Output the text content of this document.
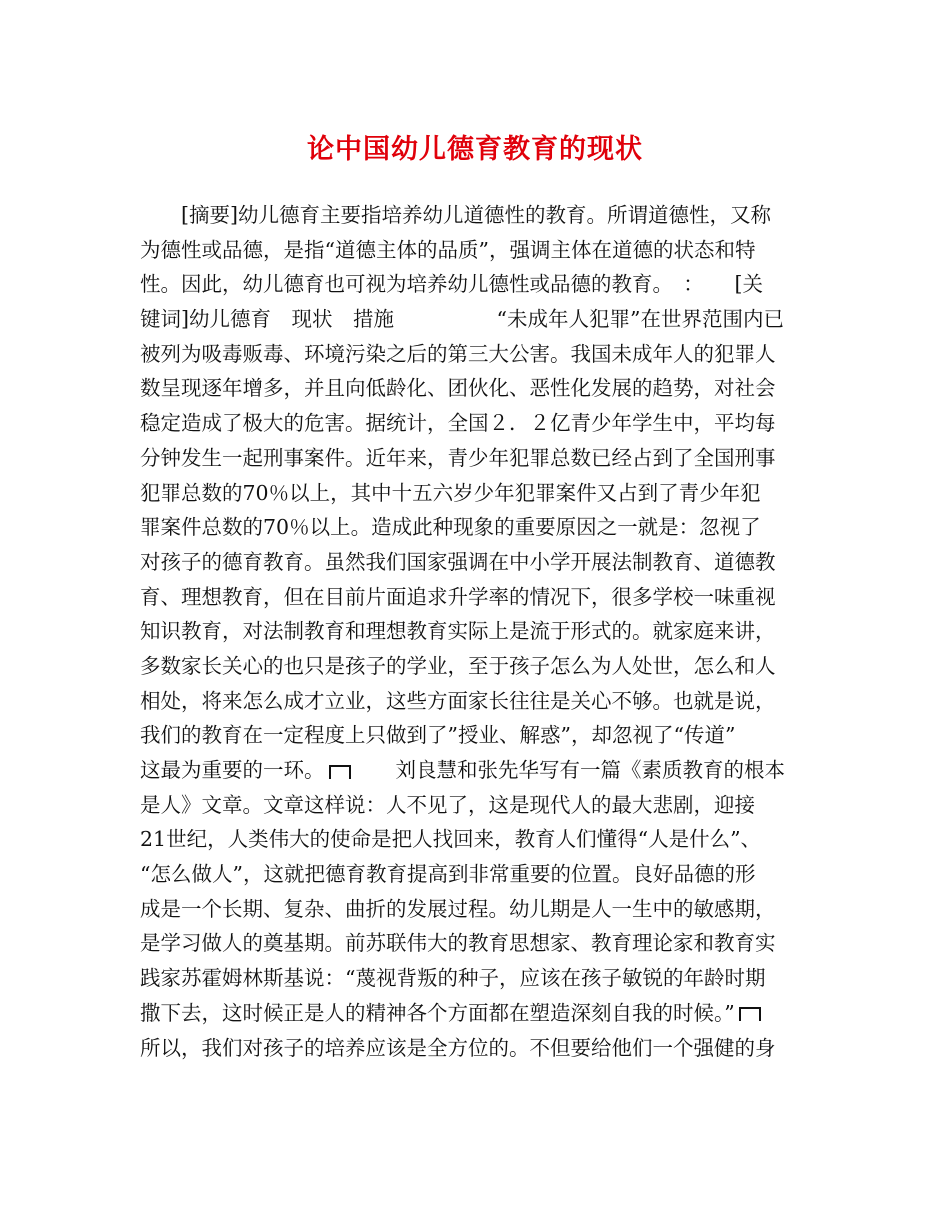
论中国幼儿德育教育的现状
　　[摘要]幼儿德育主要指培养幼儿道德性的教育。所谓道德性，又称
为德性或品德，是指“道德主体的品质”，强调主体在道德的状态和特
性。因此，幼儿德育也可视为培养幼儿德性或品德的教育。　：　　[关
键词]幼儿德育　现状　措施　　　　　“未成年人犯罪”在世界范围内已
被列为吸毒贩毒、环境污染之后的第三大公害。我国未成年人的犯罪人
数呈现逐年增多，并且向低龄化、团伙化、恶性化发展的趋势，对社会
稳定造成了极大的危害。据统计，全国２．２亿青少年学生中，平均每
分钟发生一起刑事案件。近年来，青少年犯罪总数已经占到了全国刑事
犯罪总数的70％以上，其中十五六岁少年犯罪案件又占到了青少年犯
罪案件总数的70％以上。造成此种现象的重要原因之一就是：忽视了
对孩子的德育教育。虽然我们国家强调在中小学开展法制教育、道德教
育、理想教育，但在目前片面追求升学率的情况下，很多学校一味重视
知识教育，对法制教育和理想教育实际上是流于形式的。就家庭来讲，
多数家长关心的也只是孩子的学业，至于孩子怎么为人处世，怎么和人
相处，将来怎么成才立业，这些方面家长往往是关心不够。也就是说，
我们的教育在一定程度上只做到了”授业、解惑”，却忽视了“传道”
这最为重要的一环。　　刘良慧和张先华写有一篇《素质教育的根本
是人》文章。文章这样说：人不见了，这是现代人的最大悲剧，迎接
21世纪，人类伟大的使命是把人找回来，教育人们懂得“人是什么”、
“怎么做人”，这就把德育教育提高到非常重要的位置。良好品德的形
成是一个长期、复杂、曲折的发展过程。幼儿期是人一生中的敏感期，
是学习做人的奠基期。前苏联伟大的教育思想家、教育理论家和教育实
践家苏霍姆林斯基说：“蔑视背叛的种子，应该在孩子敏锐的年龄时期
撒下去，这时候正是人的精神各个方面都在塑造深刻自我的时候。”
所以，我们对孩子的培养应该是全方位的。不但要给他们一个强健的身
